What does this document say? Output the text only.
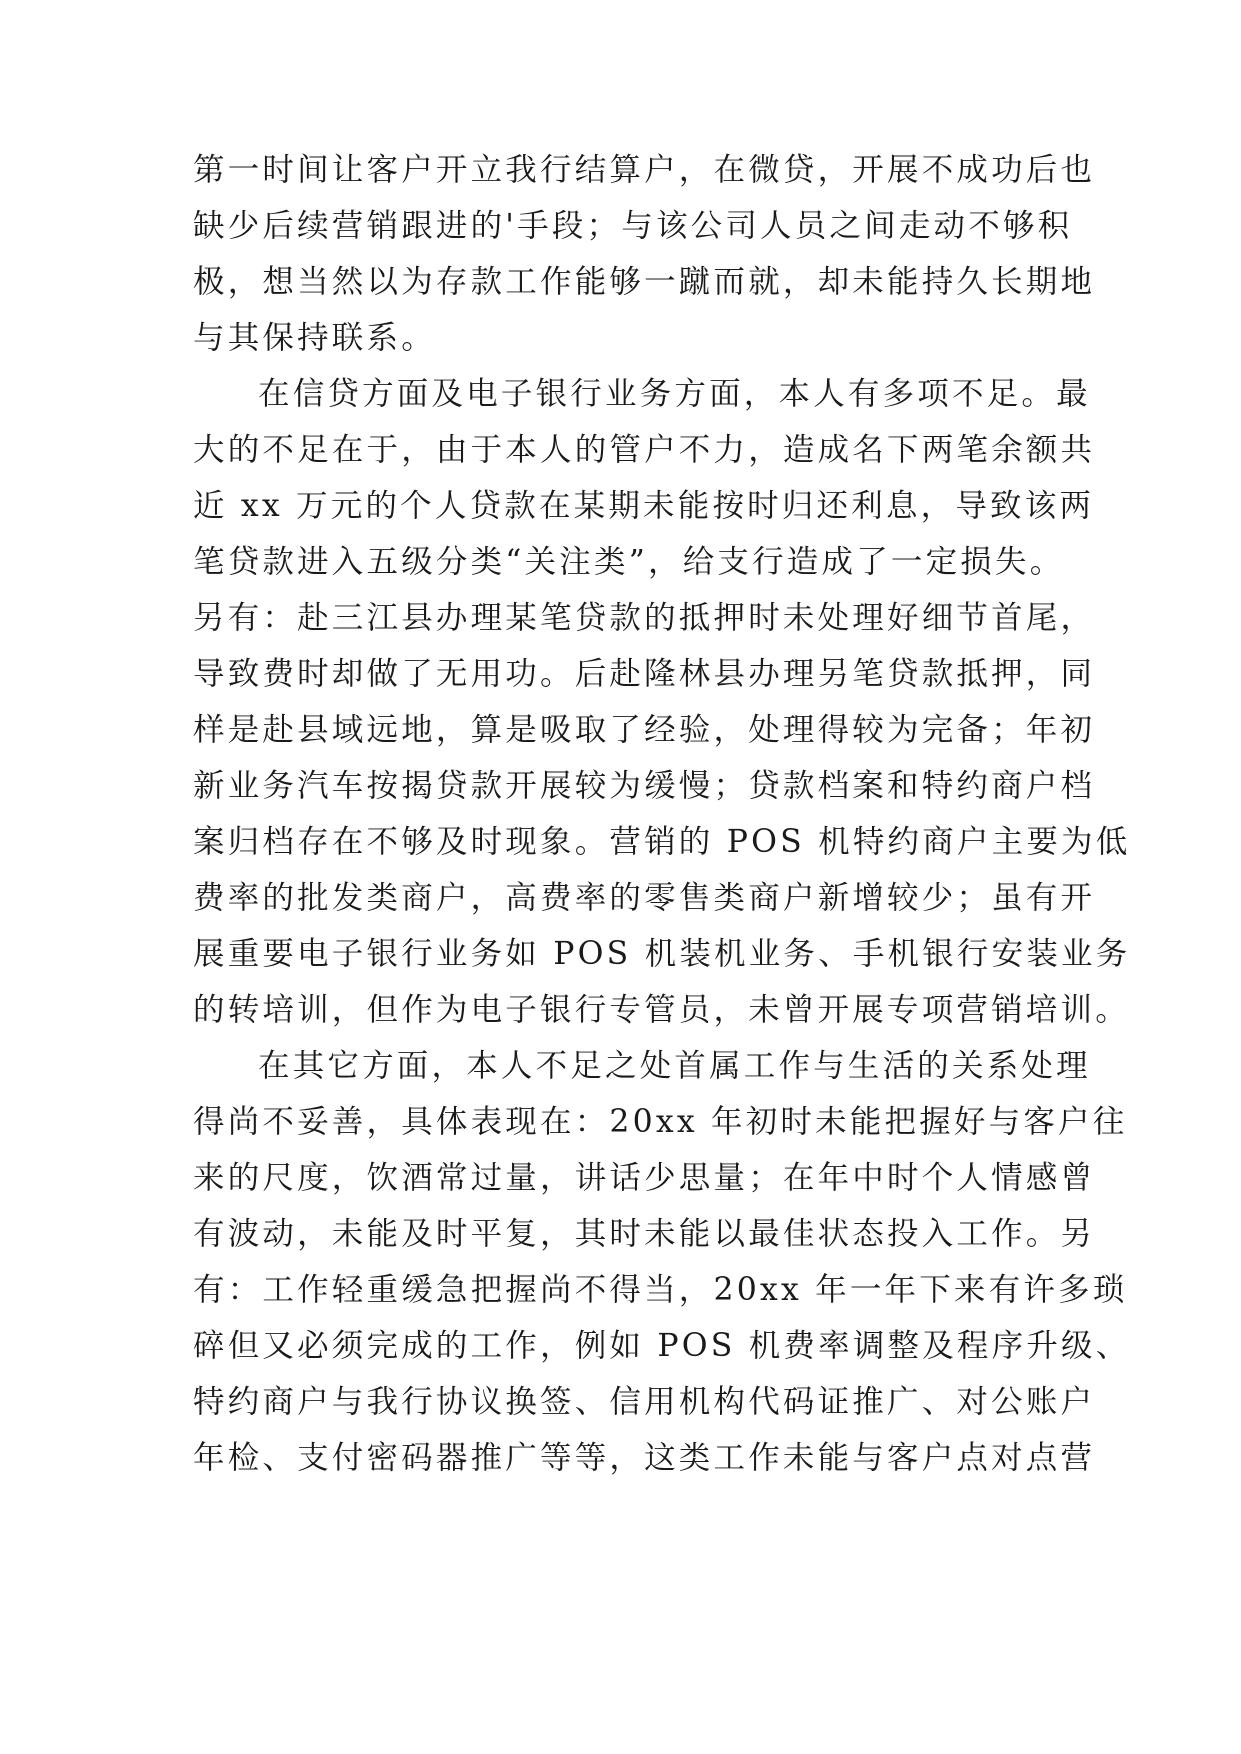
第一时间让客户开立我行结算户，在微贷，开展不成功后也

缺少后续营销跟进的'手段；与该公司人员之间走动不够积

极，想当然以为存款工作能够一蹴而就，却未能持久长期地

与其保持联系。

在信贷方面及电子银行业务方面，本人有多项不足。最

大的不足在于，由于本人的管户不力，造成名下两笔余额共

近 xx 万元的个人贷款在某期未能按时归还利息，导致该两

笔贷款进入五级分类“关注类”，给支行造成了一定损失。

另有：赴三江县办理某笔贷款的抵押时未处理好细节首尾，

导致费时却做了无用功。后赴隆林县办理另笔贷款抵押，同

样是赴县域远地，算是吸取了经验，处理得较为完备；年初

新业务汽车按揭贷款开展较为缓慢；贷款档案和特约商户档

案归档存在不够及时现象。营销的 POS 机特约商户主要为低

费率的批发类商户，高费率的零售类商户新增较少；虽有开

展重要电子银行业务如 POS 机装机业务、手机银行安装业务

的转培训，但作为电子银行专管员，未曾开展专项营销培训。

在其它方面，本人不足之处首属工作与生活的关系处理

得尚不妥善，具体表现在：20xx 年初时未能把握好与客户往

来的尺度，饮酒常过量，讲话少思量；在年中时个人情感曾

有波动，未能及时平复，其时未能以最佳状态投入工作。另

有：工作轻重缓急把握尚不得当，20xx 年一年下来有许多琐

碎但又必须完成的工作，例如 POS 机费率调整及程序升级、

特约商户与我行协议换签、信用机构代码证推广、对公账户

年检、支付密码器推广等等，这类工作未能与客户点对点营
